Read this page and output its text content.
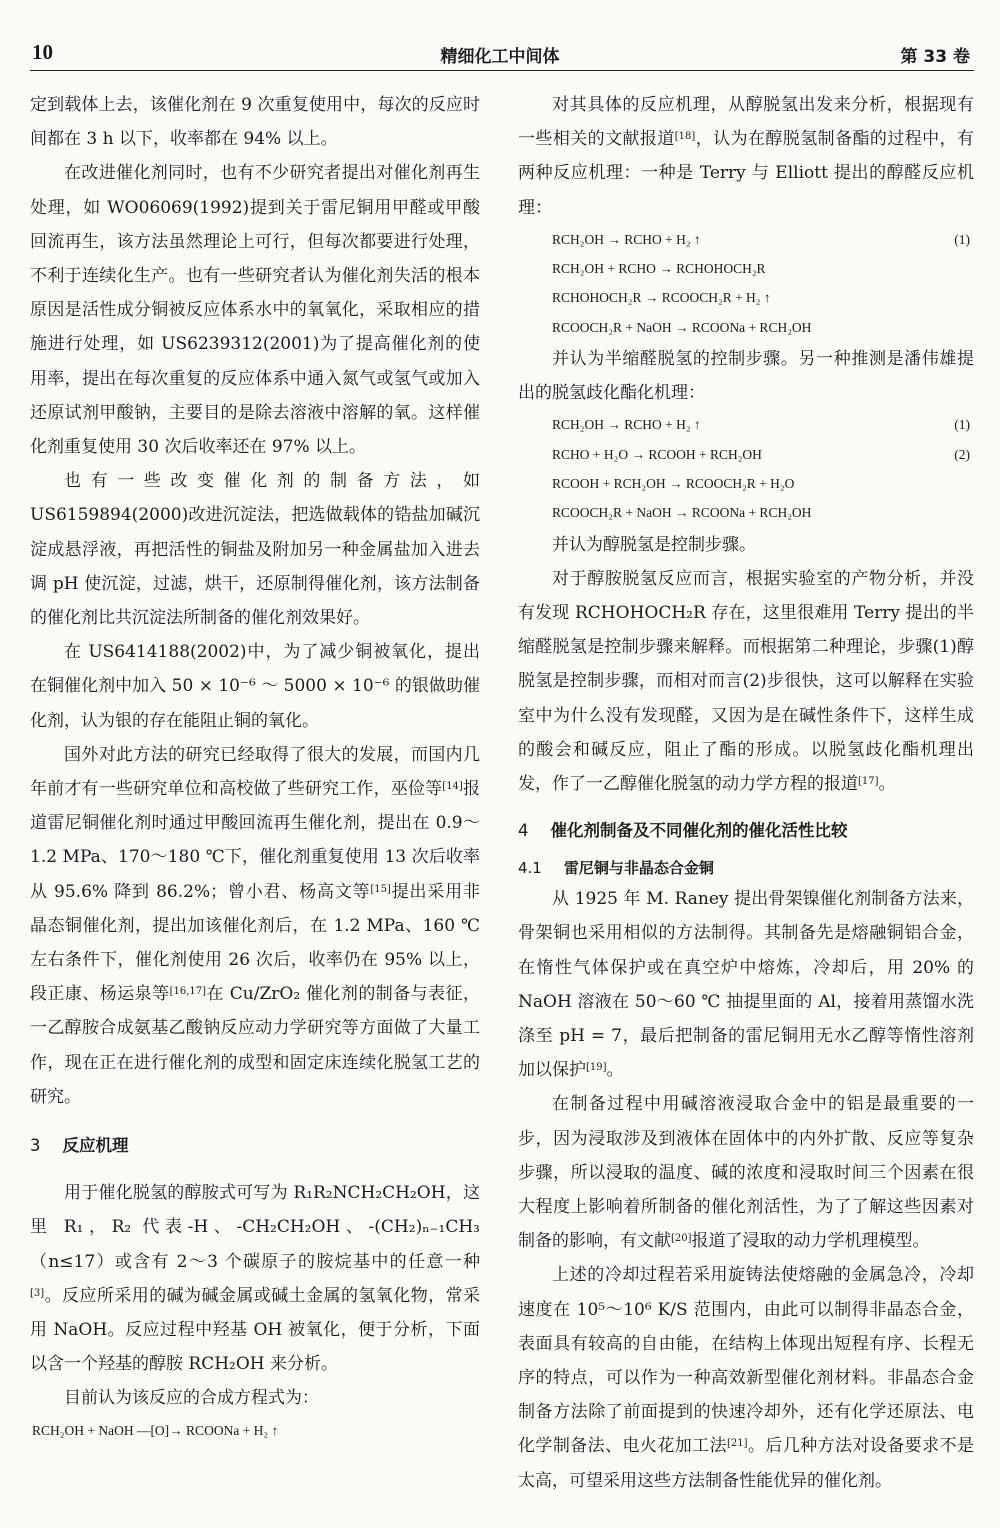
10	精细化工中间体	第 33 卷

定到载体上去，该催化剂在 9 次重复使用中，每次的反应时间都在 3 h 以下，收率都在 94% 以上。

在改进催化剂同时，也有不少研究者提出对催化剂再生处理，如 WO06069(1992)提到关于雷尼铜用甲醛或甲酸回流再生，该方法虽然理论上可行，但每次都要进行处理，不利于连续化生产。也有一些研究者认为催化剂失活的根本原因是活性成分铜被反应体系水中的氧氧化，采取相应的措施进行处理，如 US6239312(2001)为了提高催化剂的使用率，提出在每次重复的反应体系中通入氮气或氢气或加入还原试剂甲酸钠，主要目的是除去溶液中溶解的氧。这样催化剂重复使用 30 次后收率还在 97% 以上。

也有一些改变催化剂的制备方法，如 US6159894(2000)改进沉淀法，把选做载体的锆盐加碱沉淀成悬浮液，再把活性的铜盐及附加另一种金属盐加入进去调 pH 使沉淀，过滤，烘干，还原制得催化剂，该方法制备的催化剂比共沉淀法所制备的催化剂效果好。

在 US6414188(2002)中，为了减少铜被氧化，提出在铜催化剂中加入 50 × 10⁻⁶ ～ 5000 × 10⁻⁶ 的银做助催化剂，认为银的存在能阻止铜的氧化。

国外对此方法的研究已经取得了很大的发展，而国内几年前才有一些研究单位和高校做了些研究工作，巫俭等[14]报道雷尼铜催化剂时通过甲酸回流再生催化剂，提出在 0.9～1.2 MPa、170～180 ℃下，催化剂重复使用 13 次后收率从 95.6% 降到 86.2%；曾小君、杨高文等[15]提出采用非晶态铜催化剂，提出加该催化剂后，在 1.2 MPa、160 ℃左右条件下，催化剂使用 26 次后，收率仍在 95% 以上，段正康、杨运泉等[16,17]在 Cu/ZrO₂ 催化剂的制备与表征，一乙醇胺合成氨基乙酸钠反应动力学研究等方面做了大量工作，现在正在进行催化剂的成型和固定床连续化脱氢工艺的研究。

3 反应机理

用于催化脱氢的醇胺式可写为 R₁R₂NCH₂CH₂OH，这里 R₁，R₂ 代表-H、-CH₂CH₂OH、-(CH₂)ₙ₋₁CH₃（n≤17）或含有 2～3 个碳原子的胺烷基中的任意一种[3]。反应所采用的碱为碱金属或碱土金属的氢氧化物，常采用 NaOH。反应过程中羟基 OH 被氧化，便于分析，下面以含一个羟基的醇胺 RCH₂OH 来分析。

目前认为该反应的合成方程式为：

RCH₂OH + NaOH —[O]→ RCOONa + H₂ ↑

对其具体的反应机理，从醇脱氢出发来分析，根据现有一些相关的文献报道[18]，认为在醇脱氢制备酯的过程中，有两种反应机理：一种是 Terry 与 Elliott 提出的醇醛反应机理：

RCH₂OH → RCHO + H₂ ↑	(1)
RCH₂OH + RCHO → RCHOHOCH₂R
RCHOHOCH₂R → RCOOCH₂R + H₂ ↑
RCOOCH₂R + NaOH → RCOONa + RCH₂OH

并认为半缩醛脱氢的控制步骤。另一种推测是潘伟雄提出的脱氢歧化酯化机理：

RCH₂OH → RCHO + H₂ ↑	(1)
RCHO + H₂O → RCOOH + RCH₂OH	(2)
RCOOH + RCH₂OH → RCOOCH₂R + H₂O
RCOOCH₂R + NaOH → RCOONa + RCH₂OH

并认为醇脱氢是控制步骤。

对于醇胺脱氢反应而言，根据实验室的产物分析，并没有发现 RCHOHOCH₂R 存在，这里很难用 Terry 提出的半缩醛脱氢是控制步骤来解释。而根据第二种理论，步骤(1)醇脱氢是控制步骤，而相对而言(2)步很快，这可以解释在实验室中为什么没有发现醛，又因为是在碱性条件下，这样生成的酸会和碱反应，阻止了酯的形成。以脱氢歧化酯机理出发，作了一乙醇催化脱氢的动力学方程的报道[17]。

4 催化剂制备及不同催化剂的催化活性比较

4.1 雷尼铜与非晶态合金铜

从 1925 年 M. Raney 提出骨架镍催化剂制备方法来，骨架铜也采用相似的方法制得。其制备先是熔融铜铝合金，在惰性气体保护或在真空炉中熔炼，冷却后，用 20% 的 NaOH 溶液在 50～60 ℃ 抽提里面的 Al，接着用蒸馏水洗涤至 pH = 7，最后把制备的雷尼铜用无水乙醇等惰性溶剂加以保护[19]。

在制备过程中用碱溶液浸取合金中的铝是最重要的一步，因为浸取涉及到液体在固体中的内外扩散、反应等复杂步骤，所以浸取的温度、碱的浓度和浸取时间三个因素在很大程度上影响着所制备的催化剂活性，为了了解这些因素对制备的影响，有文献[20]报道了浸取的动力学机理模型。

上述的冷却过程若采用旋铸法使熔融的金属急冷，冷却速度在 10⁵～10⁶ K/S 范围内，由此可以制得非晶态合金，表面具有较高的自由能，在结构上体现出短程有序、长程无序的特点，可以作为一种高效新型催化剂材料。非晶态合金制备方法除了前面提到的快速冷却外，还有化学还原法、电化学制备法、电火花加工法[21]。后几种方法对设备要求不是太高，可望采用这些方法制备性能优异的催化剂。
